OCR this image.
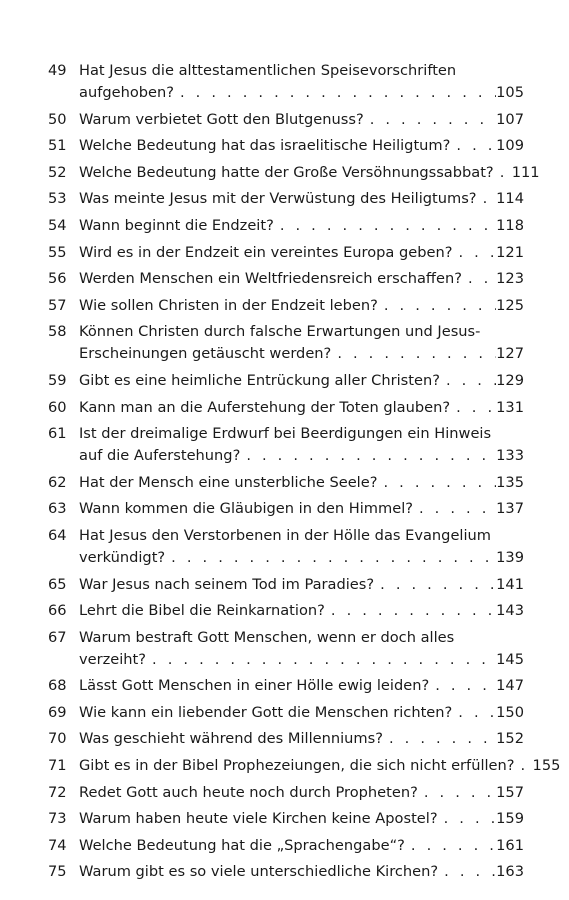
49 Hat Jesus die alttestamentlichen Speisevorschriften
aufgehoben? . . .	105
50 Warum verbietet Gott den Blutgenuss? . . .	107
51 Welche Bedeutung hat das israelitische Heiligtum? . . .	109
52 Welche Bedeutung hatte der Große Versöhnungssabbat? . . . 111
53 Was meinte Jesus mit der Verwüstung des Heiligtums? . . . 114
54 Wann beginnt die Endzeit? . . .	118
55 Wird es in der Endzeit ein vereintes Europa geben? . . .	121
56 Werden Menschen ein Weltfriedensreich erschaffen? . . . 123
57 Wie sollen Christen in der Endzeit leben? . . .	125
58 Können Christen durch falsche Erwartungen und Jesus-
Erscheinungen getäuscht werden? . . .	127
59 Gibt es eine heimliche Entrückung aller Christen? . . .	129
60 Kann man an die Auferstehung der Toten glauben? . . .	131
61 Ist der dreimalige Erdwurf bei Beerdigungen ein Hinweis
auf die Auferstehung? . . .	133
62 Hat der Mensch eine unsterbliche Seele? . . .	135
63 Wann kommen die Gläubigen in den Himmel? . . .	137
64 Hat Jesus den Verstorbenen in der Hölle das Evangelium
verkündigt? . . .	139
65 War Jesus nach seinem Tod im Paradies? . . .	141
66 Lehrt die Bibel die Reinkarnation? . . .	143
67 Warum bestraft Gott Menschen, wenn er doch alles
verzeiht? . . .	145
68 Lässt Gott Menschen in einer Hölle ewig leiden? . . .	147
69 Wie kann ein liebender Gott die Menschen richten? . . .	150
70 Was geschieht während des Millenniums? . . .	152
71 Gibt es in der Bibel Prophezeiungen, die sich nicht erfüllen? . . . 155
72 Redet Gott auch heute noch durch Propheten? . . .	157
73 Warum haben heute viele Kirchen keine Apostel? . . .	159
74 Welche Bedeutung hat die „Sprachengabe“? . . .	161
75 Warum gibt es so viele unterschiedliche Kirchen? . . .	163
